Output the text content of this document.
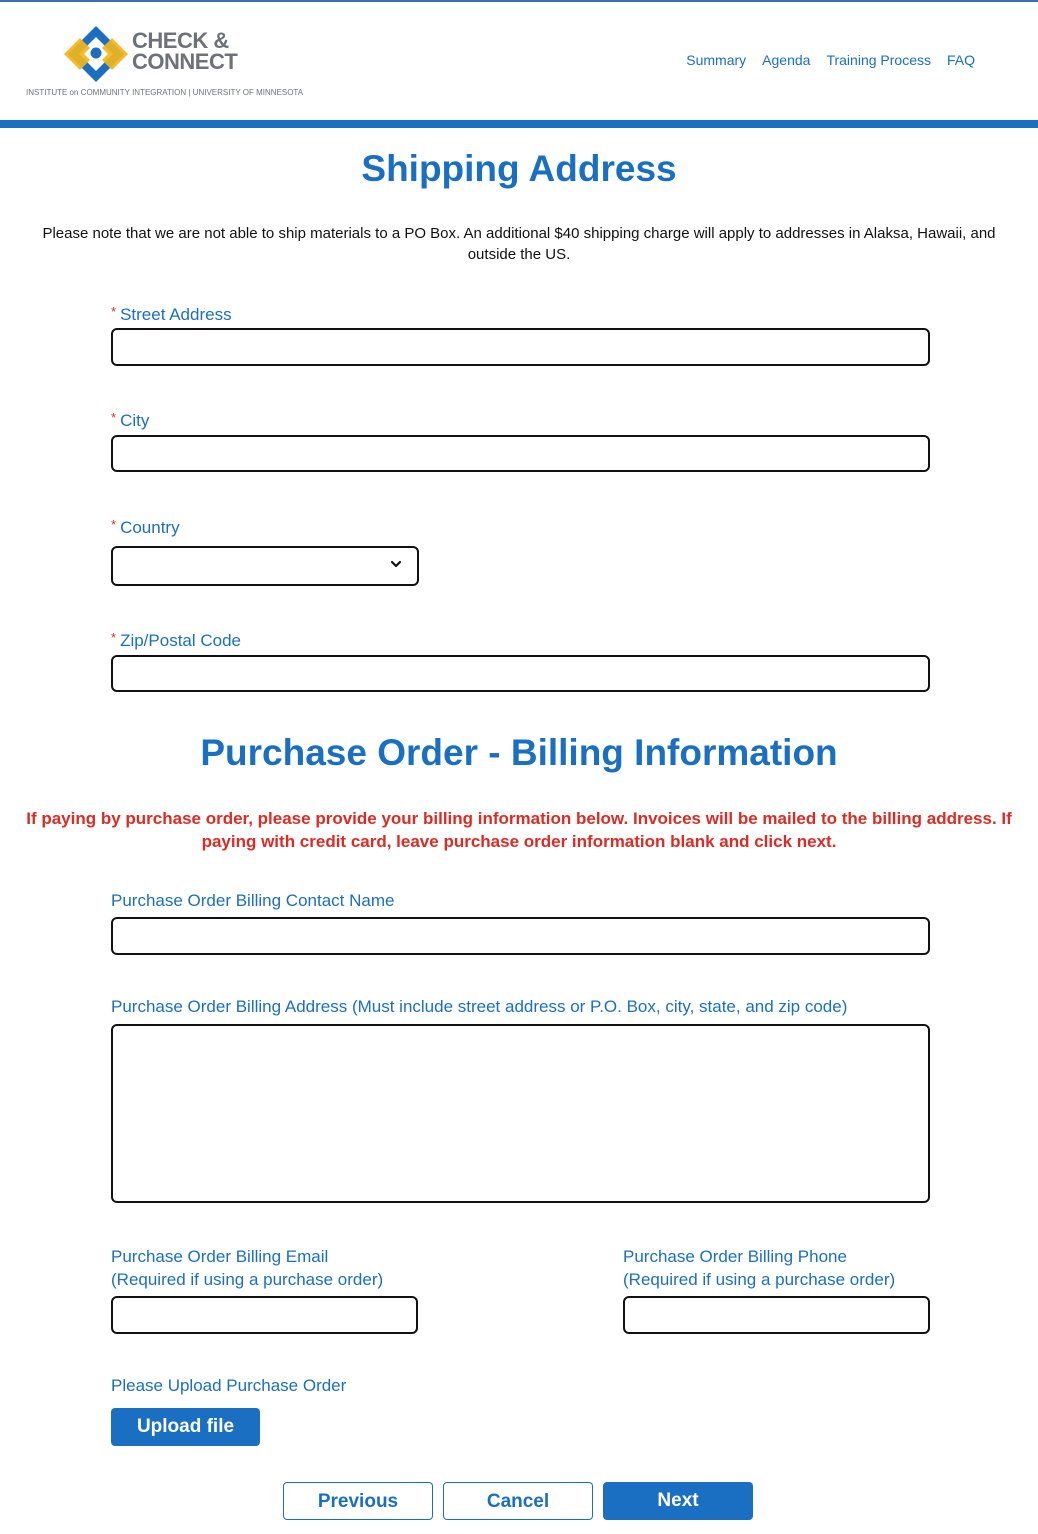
CHECK &
CONNECT
INSTITUTE on COMMUNITY INTEGRATION | UNIVERSITY OF MINNESOTA
Summary Agenda Training Process FAQ
Shipping Address
Please note that we are not able to ship materials to a PO Box. An additional $40 shipping charge will apply to addresses in Alaksa, Hawaii, and outside the US.
* Street Address
* City
* Country
* Zip/Postal Code
Purchase Order - Billing Information
If paying by purchase order, please provide your billing information below. Invoices will be mailed to the billing address. If paying with credit card, leave purchase order information blank and click next.
Purchase Order Billing Contact Name
Purchase Order Billing Address (Must include street address or P.O. Box, city, state, and zip code)
Purchase Order Billing Email
(Required if using a purchase order)
Purchase Order Billing Phone
(Required if using a purchase order)
Please Upload Purchase Order
Upload file
Previous	Cancel	Next
